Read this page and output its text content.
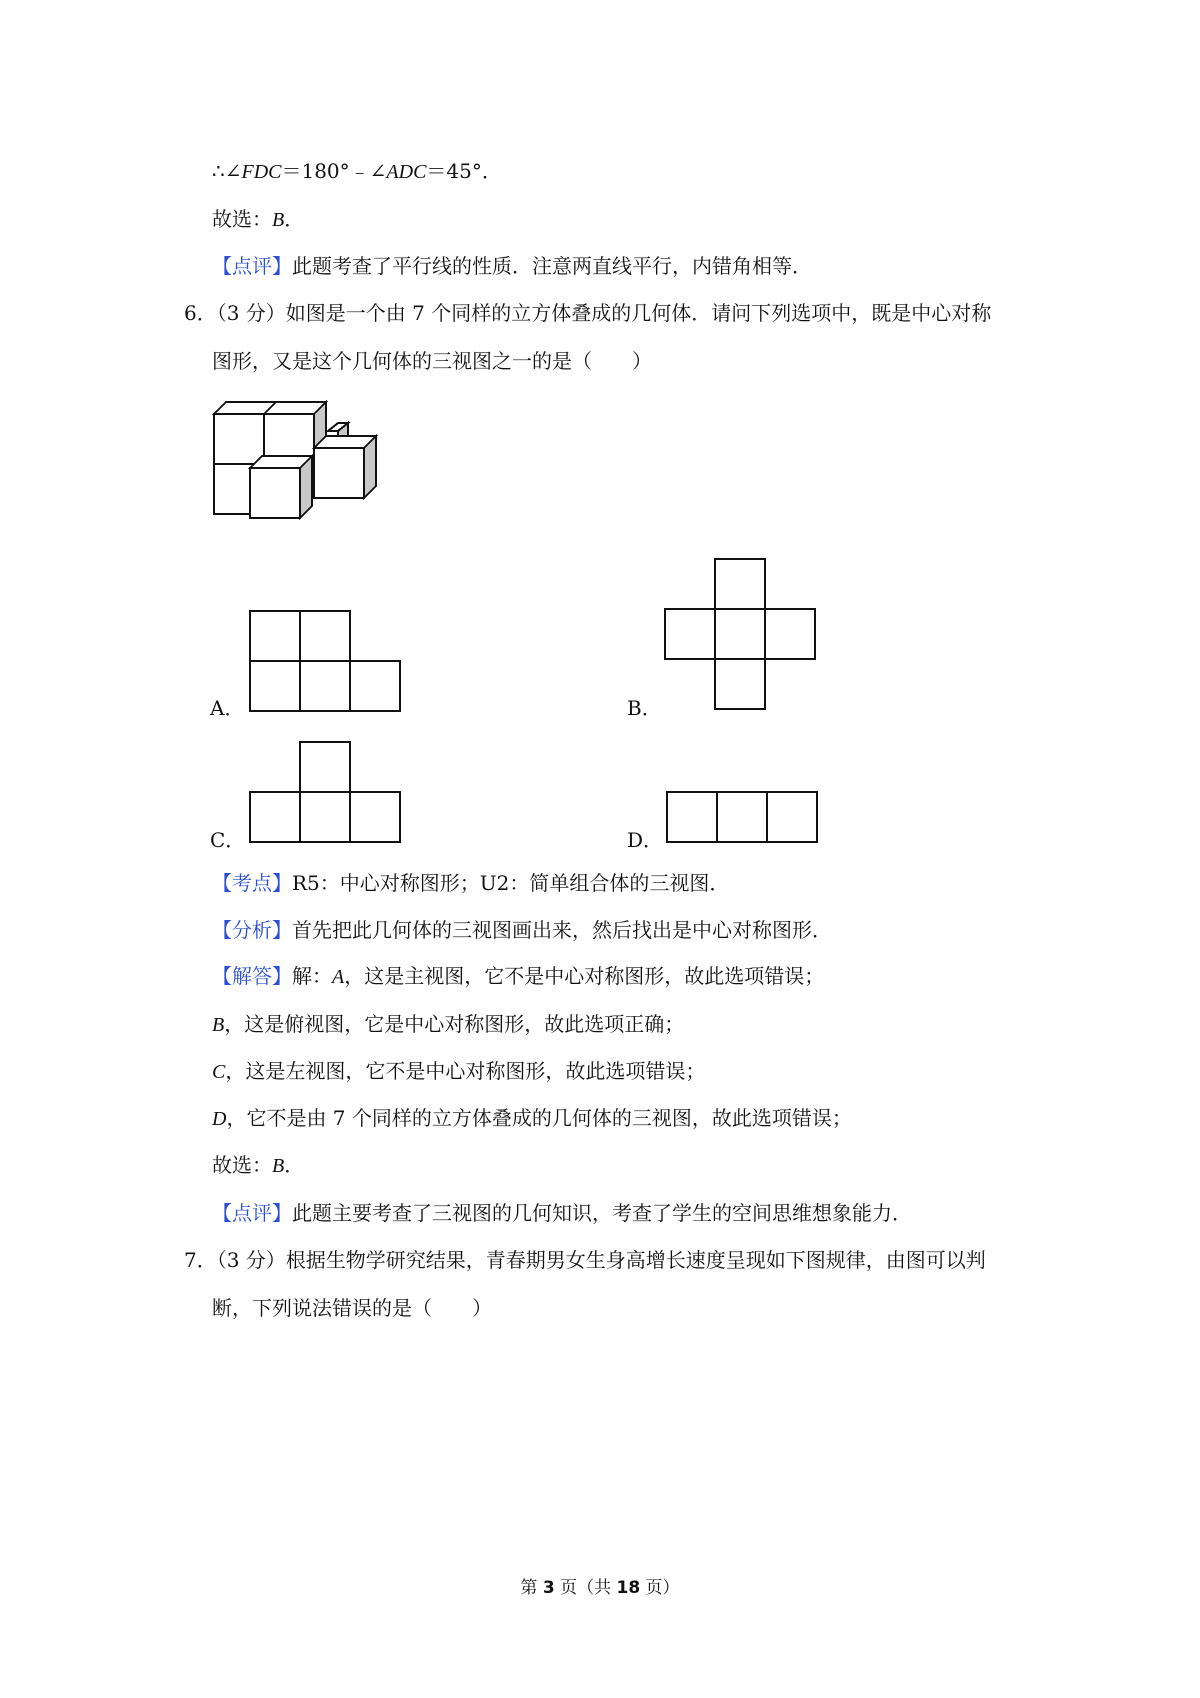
∴∠FDC＝180°﹣∠ADC＝45°．
故选：B．
【点评】此题考查了平行线的性质．注意两直线平行，内错角相等．
6．（3 分）如图是一个由 7 个同样的立方体叠成的几何体．请问下列选项中，既是中心对称
图形，又是这个几何体的三视图之一的是（　　）
A．	B．
C．	D．
【考点】R5：中心对称图形；U2：简单组合体的三视图．
【分析】首先把此几何体的三视图画出来，然后找出是中心对称图形．
【解答】解：A，这是主视图，它不是中心对称图形，故此选项错误；
B，这是俯视图，它是中心对称图形，故此选项正确；
C，这是左视图，它不是中心对称图形，故此选项错误；
D，它不是由 7 个同样的立方体叠成的几何体的三视图，故此选项错误；
故选：B．
【点评】此题主要考查了三视图的几何知识，考查了学生的空间思维想象能力．
7．（3 分）根据生物学研究结果，青春期男女生身高增长速度呈现如下图规律，由图可以判
断，下列说法错误的是（　　）
第 3 页（共 18 页）
